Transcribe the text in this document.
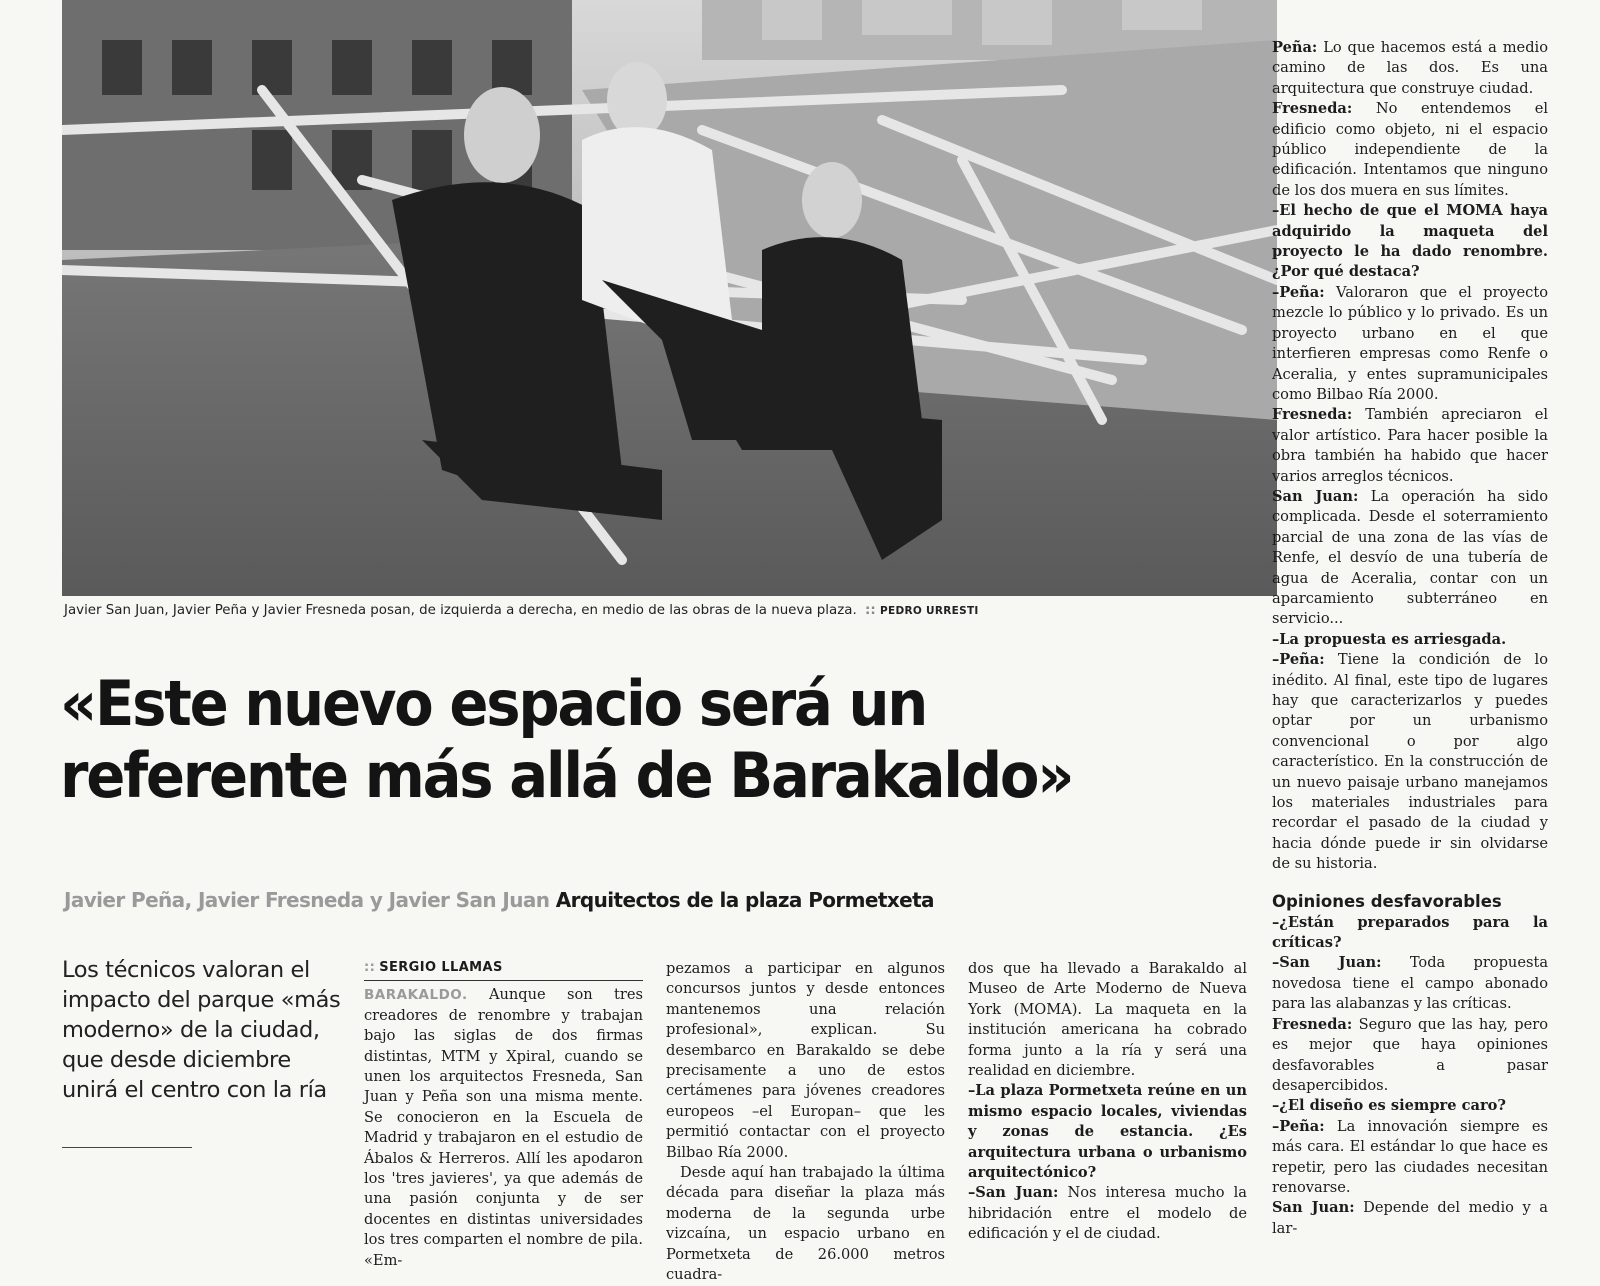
Javier San Juan, Javier Peña y Javier Fresneda posan, de izquierda a derecha, en medio de las obras de la nueva plaza. :: PEDRO URRESTI
«Este nuevo espacio será un
referente más allá de Barakaldo»
Javier Peña, Javier Fresneda y Javier San Juan Arquitectos de la plaza Pormetxeta
Los técnicos valoran el impacto del parque «más moderno» de la ciudad, que desde diciembre unirá el centro con la ría
:: SERGIO LLAMAS

BARAKALDO. Aunque son tres creadores de renombre y trabajan bajo las siglas de dos firmas distintas, MTM y Xpiral, cuando se unen los arquitectos Fresneda, San Juan y Peña son una misma mente. Se conocieron en la Escuela de Madrid y trabajaron en el estudio de Ábalos & Herreros. Allí les apodaron los 'tres javieres', ya que además de una pasión conjunta y de ser docentes en distintas universidades los tres comparten el nombre de pila. «Em-

pezamos a participar en algunos concursos juntos y desde entonces mantenemos una relación profesional», explican. Su desembarco en Barakaldo se debe precisamente a uno de estos certámenes para jóvenes creadores europeos –el Europan– que les permitió contactar con el proyecto Bilbao Ría 2000.

Desde aquí han trabajado la última década para diseñar la plaza más moderna de la segunda urbe vizcaína, un espacio urbano en Pormetxeta de 26.000 metros cuadra-

dos que ha llevado a Barakaldo al Museo de Arte Moderno de Nueva York (MOMA). La maqueta en la institución americana ha cobrado forma junto a la ría y será una realidad en diciembre.

–La plaza Pormetxeta reúne en un mismo espacio locales, viviendas y zonas de estancia. ¿Es arquitectura urbana o urbanismo arquitectónico?

–San Juan: Nos interesa mucho la hibridación entre el modelo de edificación y el de ciudad.

Peña: Lo que hacemos está a medio camino de las dos. Es una arquitectura que construye ciudad.

Fresneda: No entendemos el edificio como objeto, ni el espacio público independiente de la edificación. Intentamos que ninguno de los dos muera en sus límites.

–El hecho de que el MOMA haya adquirido la maqueta del proyecto le ha dado renombre. ¿Por qué destaca?

–Peña: Valoraron que el proyecto mezcle lo público y lo privado. Es un proyecto urbano en el que interfieren empresas como Renfe o Aceralia, y entes supramunicipales como Bilbao Ría 2000.

Fresneda: También apreciaron el valor artístico. Para hacer posible la obra también ha habido que hacer varios arreglos técnicos.

San Juan: La operación ha sido complicada. Desde el soterramiento parcial de una zona de las vías de Renfe, el desvío de una tubería de agua de Aceralia, contar con un aparcamiento subterráneo en servicio...

–La propuesta es arriesgada.

–Peña: Tiene la condición de lo inédito. Al final, este tipo de lugares hay que caracterizarlos y puedes optar por un urbanismo convencional o por algo característico. En la construcción de un nuevo paisaje urbano manejamos los materiales industriales para recordar el pasado de la ciudad y hacia dónde puede ir sin olvidarse de su historia.

Opiniones desfavorables

–¿Están preparados para la críticas?

–San Juan: Toda propuesta novedosa tiene el campo abonado para las alabanzas y las críticas.

Fresneda: Seguro que las hay, pero es mejor que haya opiniones desfavorables a pasar desapercibidos.

–¿El diseño es siempre caro?

–Peña: La innovación siempre es más cara. El estándar lo que hace es repetir, pero las ciudades necesitan renovarse.

San Juan: Depende del medio y a lar-
